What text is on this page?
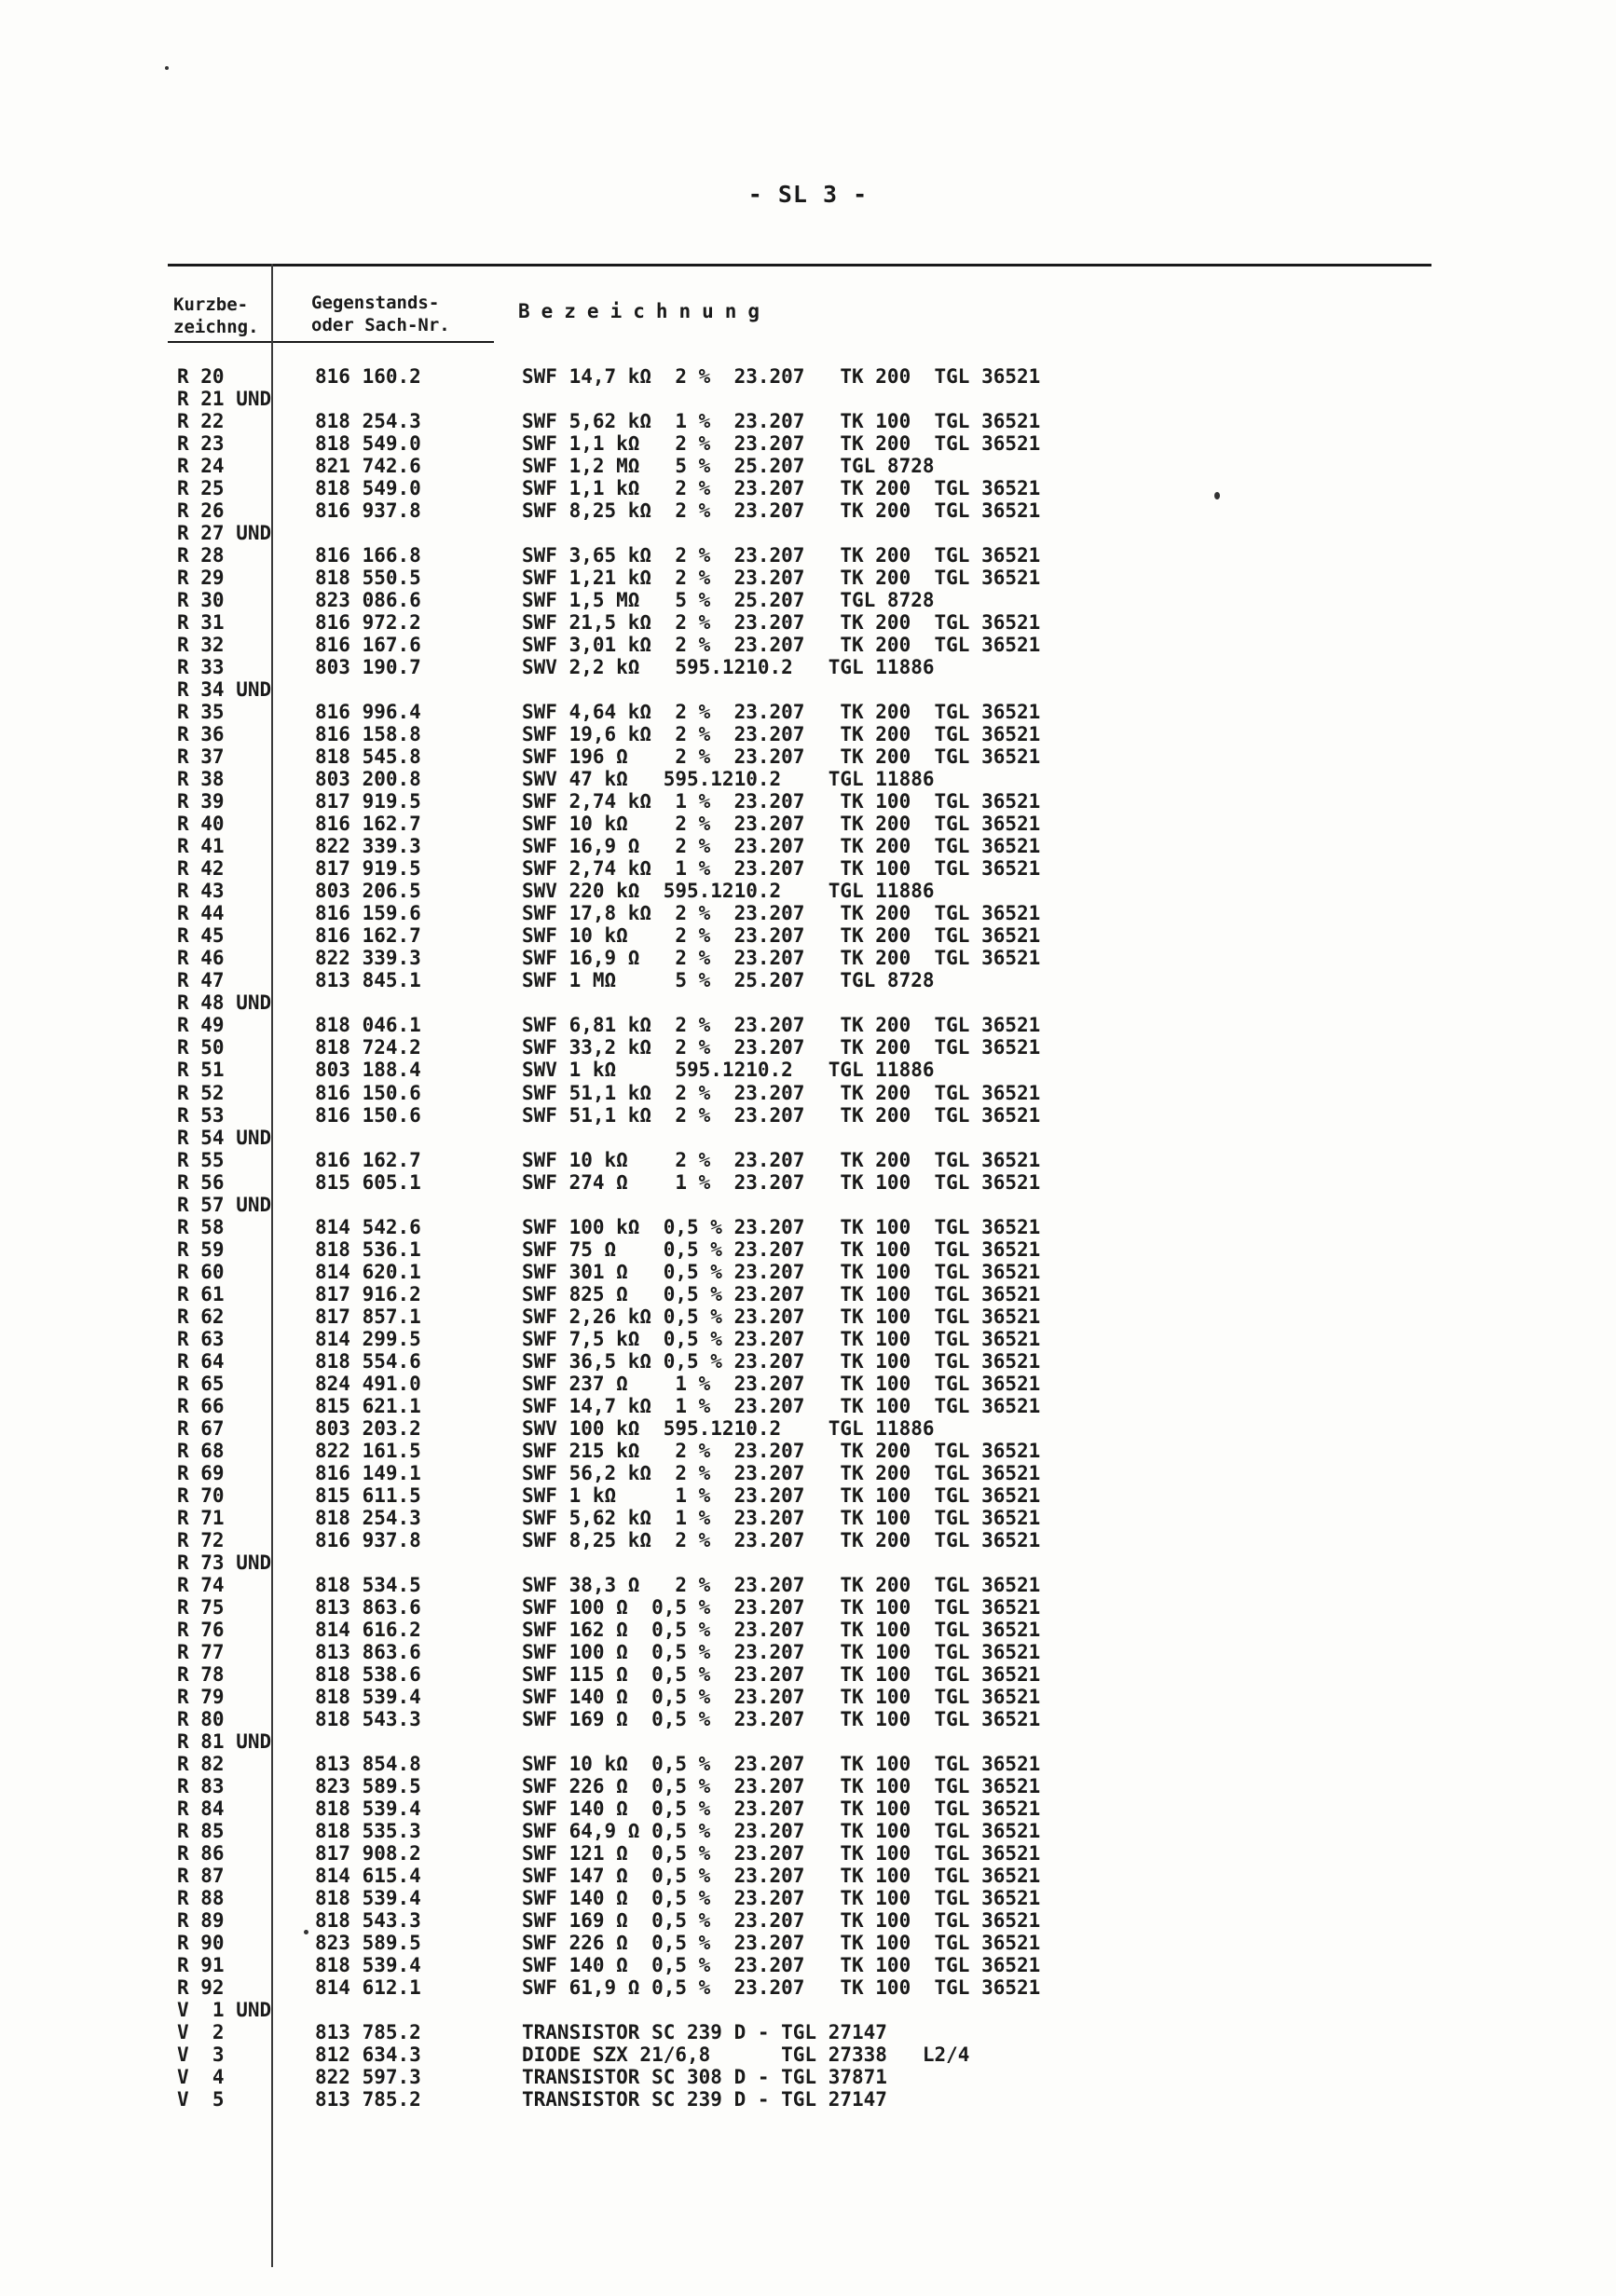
- SL 3 -
Kurzbe-
zeichng.
Gegenstands-
oder Sach-Nr.
Bezeichnung
R 20	816 160.2	SWF 14,7 kΩ  2 %  23.207   TK 200  TGL 36521
R 21 UND
R 22	818 254.3	SWF 5,62 kΩ  1 %  23.207   TK 100  TGL 36521
R 23	818 549.0	SWF 1,1 kΩ   2 %  23.207   TK 200  TGL 36521
R 24	821 742.6	SWF 1,2 MΩ   5 %  25.207   TGL 8728
R 25	818 549.0	SWF 1,1 kΩ   2 %  23.207   TK 200  TGL 36521
R 26	816 937.8	SWF 8,25 kΩ  2 %  23.207   TK 200  TGL 36521
R 27 UND
R 28	816 166.8	SWF 3,65 kΩ  2 %  23.207   TK 200  TGL 36521
R 29	818 550.5	SWF 1,21 kΩ  2 %  23.207   TK 200  TGL 36521
R 30	823 086.6	SWF 1,5 MΩ   5 %  25.207   TGL 8728
R 31	816 972.2	SWF 21,5 kΩ  2 %  23.207   TK 200  TGL 36521
R 32	816 167.6	SWF 3,01 kΩ  2 %  23.207   TK 200  TGL 36521
R 33	803 190.7	SWV 2,2 kΩ   595.1210.2   TGL 11886
R 34 UND
R 35	816 996.4	SWF 4,64 kΩ  2 %  23.207   TK 200  TGL 36521
R 36	816 158.8	SWF 19,6 kΩ  2 %  23.207   TK 200  TGL 36521
R 37	818 545.8	SWF 196 Ω    2 %  23.207   TK 200  TGL 36521
R 38	803 200.8	SWV 47 kΩ   595.1210.2    TGL 11886
R 39	817 919.5	SWF 2,74 kΩ  1 %  23.207   TK 100  TGL 36521
R 40	816 162.7	SWF 10 kΩ    2 %  23.207   TK 200  TGL 36521
R 41	822 339.3	SWF 16,9 Ω   2 %  23.207   TK 200  TGL 36521
R 42	817 919.5	SWF 2,74 kΩ  1 %  23.207   TK 100  TGL 36521
R 43	803 206.5	SWV 220 kΩ  595.1210.2    TGL 11886
R 44	816 159.6	SWF 17,8 kΩ  2 %  23.207   TK 200  TGL 36521
R 45	816 162.7	SWF 10 kΩ    2 %  23.207   TK 200  TGL 36521
R 46	822 339.3	SWF 16,9 Ω   2 %  23.207   TK 200  TGL 36521
R 47	813 845.1	SWF 1 MΩ     5 %  25.207   TGL 8728
R 48 UND
R 49	818 046.1	SWF 6,81 kΩ  2 %  23.207   TK 200  TGL 36521
R 50	818 724.2	SWF 33,2 kΩ  2 %  23.207   TK 200  TGL 36521
R 51	803 188.4	SWV 1 kΩ     595.1210.2   TGL 11886
R 52	816 150.6	SWF 51,1 kΩ  2 %  23.207   TK 200  TGL 36521
R 53	816 150.6	SWF 51,1 kΩ  2 %  23.207   TK 200  TGL 36521
R 54 UND
R 55	816 162.7	SWF 10 kΩ    2 %  23.207   TK 200  TGL 36521
R 56	815 605.1	SWF 274 Ω    1 %  23.207   TK 100  TGL 36521
R 57 UND
R 58	814 542.6	SWF 100 kΩ  0,5 % 23.207   TK 100  TGL 36521
R 59	818 536.1	SWF 75 Ω    0,5 % 23.207   TK 100  TGL 36521
R 60	814 620.1	SWF 301 Ω   0,5 % 23.207   TK 100  TGL 36521
R 61	817 916.2	SWF 825 Ω   0,5 % 23.207   TK 100  TGL 36521
R 62	817 857.1	SWF 2,26 kΩ 0,5 % 23.207   TK 100  TGL 36521
R 63	814 299.5	SWF 7,5 kΩ  0,5 % 23.207   TK 100  TGL 36521
R 64	818 554.6	SWF 36,5 kΩ 0,5 % 23.207   TK 100  TGL 36521
R 65	824 491.0	SWF 237 Ω    1 %  23.207   TK 100  TGL 36521
R 66	815 621.1	SWF 14,7 kΩ  1 %  23.207   TK 100  TGL 36521
R 67	803 203.2	SWV 100 kΩ  595.1210.2    TGL 11886
R 68	822 161.5	SWF 215 kΩ   2 %  23.207   TK 200  TGL 36521
R 69	816 149.1	SWF 56,2 kΩ  2 %  23.207   TK 200  TGL 36521
R 70	815 611.5	SWF 1 kΩ     1 %  23.207   TK 100  TGL 36521
R 71	818 254.3	SWF 5,62 kΩ  1 %  23.207   TK 100  TGL 36521
R 72	816 937.8	SWF 8,25 kΩ  2 %  23.207   TK 200  TGL 36521
R 73 UND
R 74	818 534.5	SWF 38,3 Ω   2 %  23.207   TK 200  TGL 36521
R 75	813 863.6	SWF 100 Ω  0,5 %  23.207   TK 100  TGL 36521
R 76	814 616.2	SWF 162 Ω  0,5 %  23.207   TK 100  TGL 36521
R 77	813 863.6	SWF 100 Ω  0,5 %  23.207   TK 100  TGL 36521
R 78	818 538.6	SWF 115 Ω  0,5 %  23.207   TK 100  TGL 36521
R 79	818 539.4	SWF 140 Ω  0,5 %  23.207   TK 100  TGL 36521
R 80	818 543.3	SWF 169 Ω  0,5 %  23.207   TK 100  TGL 36521
R 81 UND
R 82	813 854.8	SWF 10 kΩ  0,5 %  23.207   TK 100  TGL 36521
R 83	823 589.5	SWF 226 Ω  0,5 %  23.207   TK 100  TGL 36521
R 84	818 539.4	SWF 140 Ω  0,5 %  23.207   TK 100  TGL 36521
R 85	818 535.3	SWF 64,9 Ω 0,5 %  23.207   TK 100  TGL 36521
R 86	817 908.2	SWF 121 Ω  0,5 %  23.207   TK 100  TGL 36521
R 87	814 615.4	SWF 147 Ω  0,5 %  23.207   TK 100  TGL 36521
R 88	818 539.4	SWF 140 Ω  0,5 %  23.207   TK 100  TGL 36521
R 89	818 543.3	SWF 169 Ω  0,5 %  23.207   TK 100  TGL 36521
R 90	823 589.5	SWF 226 Ω  0,5 %  23.207   TK 100  TGL 36521
R 91	818 539.4	SWF 140 Ω  0,5 %  23.207   TK 100  TGL 36521
R 92	814 612.1	SWF 61,9 Ω 0,5 %  23.207   TK 100  TGL 36521
V  1 UND
V  2	813 785.2	TRANSISTOR SC 239 D - TGL 27147
V  3	812 634.3	DIODE SZX 21/6,8      TGL 27338   L2/4
V  4	822 597.3	TRANSISTOR SC 308 D - TGL 37871
V  5	813 785.2	TRANSISTOR SC 239 D - TGL 27147
